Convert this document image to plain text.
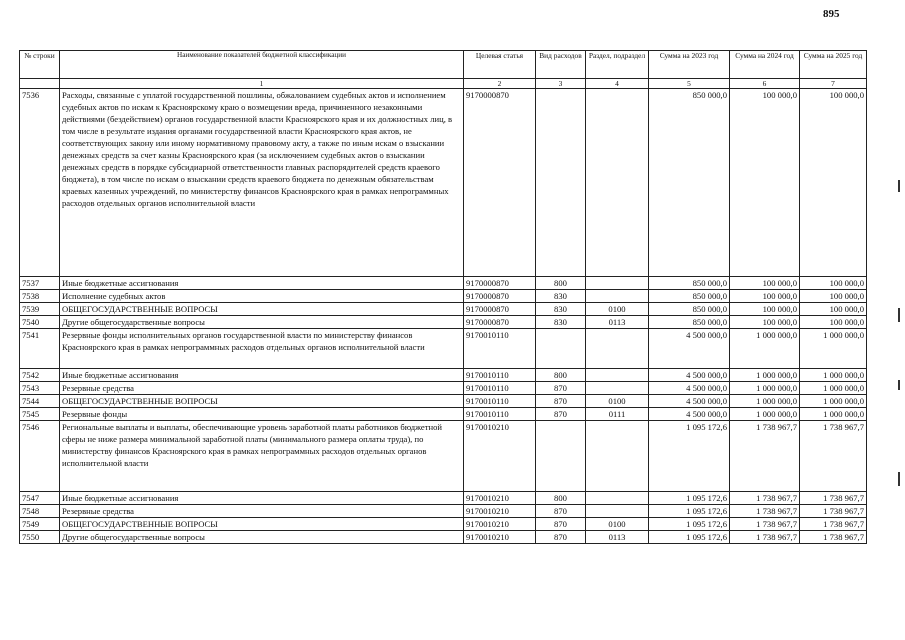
895
№ строки	Наименование показателей бюджетной классификации	Целевая статья	Вид расходов	Раздел, подраздел	Сумма на 2023 год	Сумма на 2024 год	Сумма на 2025 год
	1	2	3	4	5	6	7
7536	Расходы, связанные с уплатой государственной пошлины, обжалованием судебных актов и исполнением судебных актов по искам к Красноярскому краю о возмещении вреда, причиненного незаконными действиями (бездействием) органов государственной власти Красноярского края и их должностных лиц, в том числе в результате издания органами государственной власти Красноярского края актов, не соответствующих закону или иному нормативному правовому акту, а также по иным искам о взыскании денежных средств за счет казны Красноярского края (за исключением судебных актов о взыскании денежных средств в порядке субсидиарной ответственности главных распорядителей средств краевого бюджета), в том числе по искам о взыскании средств краевого бюджета по денежным обязательствам краевых казенных учреждений, по министерству финансов Красноярского края в рамках непрограммных расходов отдельных органов исполнительной власти	9170000870			850 000,0	100 000,0	100 000,0
7537	Иные бюджетные ассигнования	9170000870	800		850 000,0	100 000,0	100 000,0
7538	Исполнение судебных актов	9170000870	830		850 000,0	100 000,0	100 000,0
7539	ОБЩЕГОСУДАРСТВЕННЫЕ ВОПРОСЫ	9170000870	830	0100	850 000,0	100 000,0	100 000,0
7540	Другие общегосударственные вопросы	9170000870	830	0113	850 000,0	100 000,0	100 000,0
7541	Резервные фонды исполнительных органов государственной власти по министерству финансов Красноярского края в рамках непрограммных расходов отдельных органов исполнительной власти	9170010110			4 500 000,0	1 000 000,0	1 000 000,0
7542	Иные бюджетные ассигнования	9170010110	800		4 500 000,0	1 000 000,0	1 000 000,0
7543	Резервные средства	9170010110	870		4 500 000,0	1 000 000,0	1 000 000,0
7544	ОБЩЕГОСУДАРСТВЕННЫЕ ВОПРОСЫ	9170010110	870	0100	4 500 000,0	1 000 000,0	1 000 000,0
7545	Резервные фонды	9170010110	870	0111	4 500 000,0	1 000 000,0	1 000 000,0
7546	Региональные выплаты и выплаты, обеспечивающие уровень заработной платы работников бюджетной сферы не ниже размера минимальной заработной платы (минимального размера оплаты труда), по министерству финансов Красноярского края в рамках непрограммных расходов отдельных органов исполнительной власти	9170010210			1 095 172,6	1 738 967,7	1 738 967,7
7547	Иные бюджетные ассигнования	9170010210	800		1 095 172,6	1 738 967,7	1 738 967,7
7548	Резервные средства	9170010210	870		1 095 172,6	1 738 967,7	1 738 967,7
7549	ОБЩЕГОСУДАРСТВЕННЫЕ ВОПРОСЫ	9170010210	870	0100	1 095 172,6	1 738 967,7	1 738 967,7
7550	Другие общегосударственные вопросы	9170010210	870	0113	1 095 172,6	1 738 967,7	1 738 967,7
